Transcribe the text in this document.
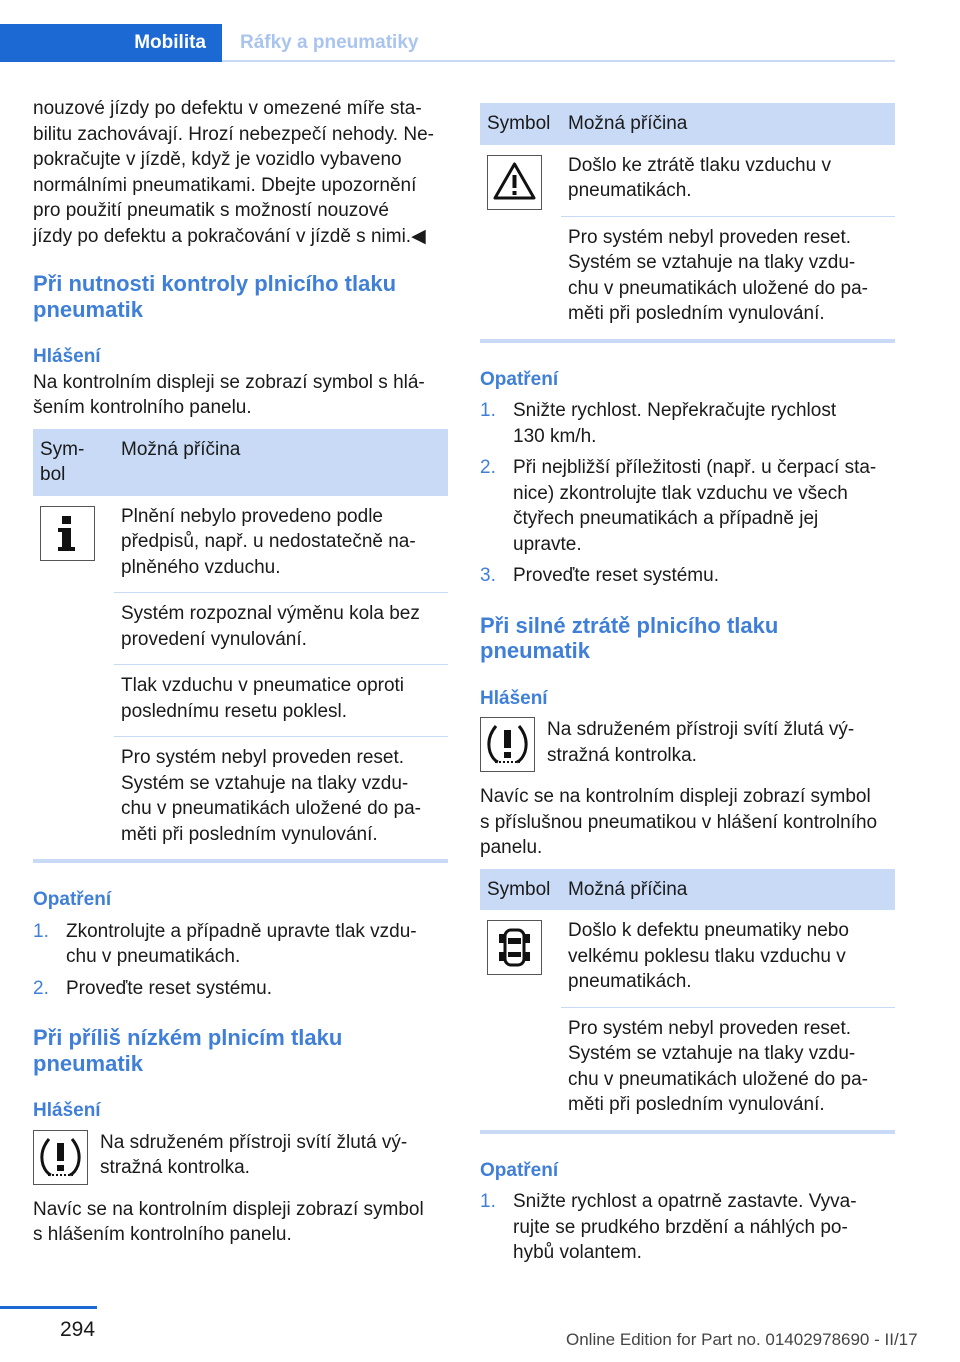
Mobilita	Ráfky a pneumatiky

nouzové jízdy po defektu v omezené míře sta‐
bilitu zachovávají. Hrozí nebezpečí nehody. Ne‐
pokračujte v jízdě, když je vozidlo vybaveno
normálními pneumatikami. Dbejte upozornění
pro použití pneumatik s možností nouzové
jízdy po defektu a pokračování v jízdě s nimi.◀

Při nutnosti kontroly plnicího tlaku
pneumatik
Hlášení

Na kontrolním displeji se zobrazí symbol s hlá‐
šením kontrolního panelu.

Sym‐
bol
Možná příčina
Plnění nebylo provedeno podle
předpisů, např. u nedostatečně na‐
plněného vzduchu.
Systém rozpoznal výměnu kola bez
provedení vynulování.
Tlak vzduchu v pneumatice oproti
poslednímu resetu poklesl.
Pro systém nebyl proveden reset.
Systém se vztahuje na tlaky vzdu‐
chu v pneumatikách uložené do pa‐
měti při posledním vynulování.
Opatření
1. Zkontrolujte a případně upravte tlak vzdu‐
chu v pneumatikách.
2. Proveďte reset systému.
Při příliš nízkém plnicím tlaku
pneumatik
Hlášení
Na sdruženém přístroji svítí žlutá vý‐
stražná kontrolka.

Navíc se na kontrolním displeji zobrazí symbol
s hlášením kontrolního panelu.

Symbol Možná příčina
Došlo ke ztrátě tlaku vzduchu v
pneumatikách.
Pro systém nebyl proveden reset.
Systém se vztahuje na tlaky vzdu‐
chu v pneumatikách uložené do pa‐
měti při posledním vynulování.
Opatření
1. Snižte rychlost. Nepřekračujte rychlost
130 km/h.
2. Při nejbližší příležitosti (např. u čerpací sta‐
nice) zkontrolujte tlak vzduchu ve všech
čtyřech pneumatikách a případně jej
upravte.
3. Proveďte reset systému.
Při silné ztrátě plnicího tlaku
pneumatik
Hlášení
Na sdruženém přístroji svítí žlutá vý‐
stražná kontrolka.

Navíc se na kontrolním displeji zobrazí symbol
s příslušnou pneumatikou v hlášení kontrolního
panelu.

Symbol Možná příčina
Došlo k defektu pneumatiky nebo
velkému poklesu tlaku vzduchu v
pneumatikách.
Pro systém nebyl proveden reset.
Systém se vztahuje na tlaky vzdu‐
chu v pneumatikách uložené do pa‐
měti při posledním vynulování.
Opatření
1. Snižte rychlost a opatrně zastavte. Vyva‐
rujte se prudkého brzdění a náhlých po‐
hybů volantem.
294	Online Edition for Part no. 01402978690 - II/17
